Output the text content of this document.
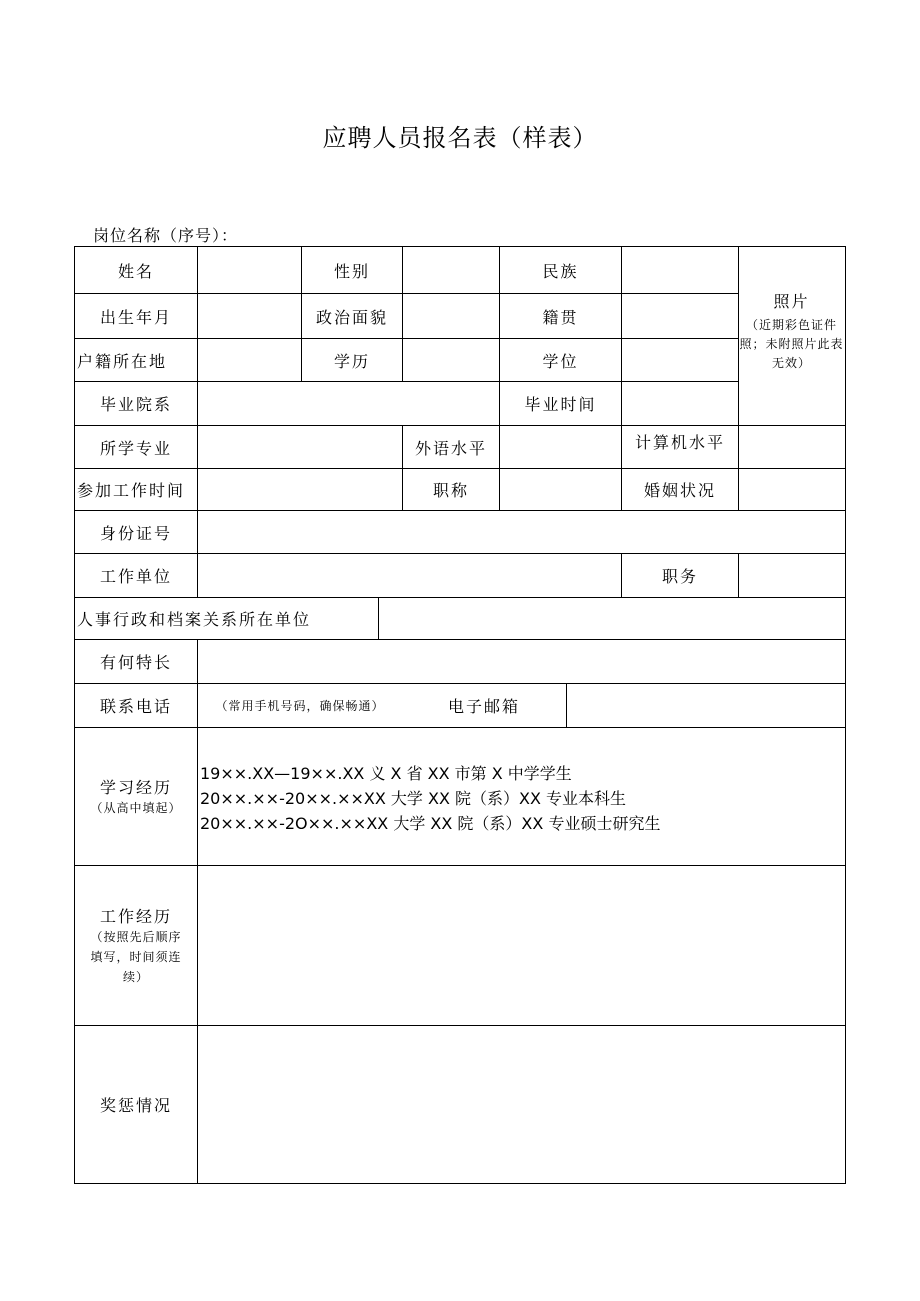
应聘人员报名表（样表）
岗位名称（序号）：
姓名	性别	民族
照片
（近期彩色证件照；未附照片此表无效）
出生年月	政治面貌	籍贯
户籍所在地	学历	学位
毕业院系	毕业时间
所学专业	外语水平	计算机水平
参加工作时间	职称	婚姻状况
身份证号
工作单位	职务
人事行政和档案关系所在单位
有何特长
联系电话	（常用手机号码，确保畅通）	电子邮箱
学习经历
（从高中填起）
19××.XX—19××.XX 义 X 省 XX 市第 X 中学学生
20××.××-20××.××XX 大学 XX 院（系）XX 专业本科生
20××.××-2O××.××XX 大学 XX 院（系）XX 专业硕士研究生
工作经历
（按照先后顺序填写，时间须连续）
奖惩情况
